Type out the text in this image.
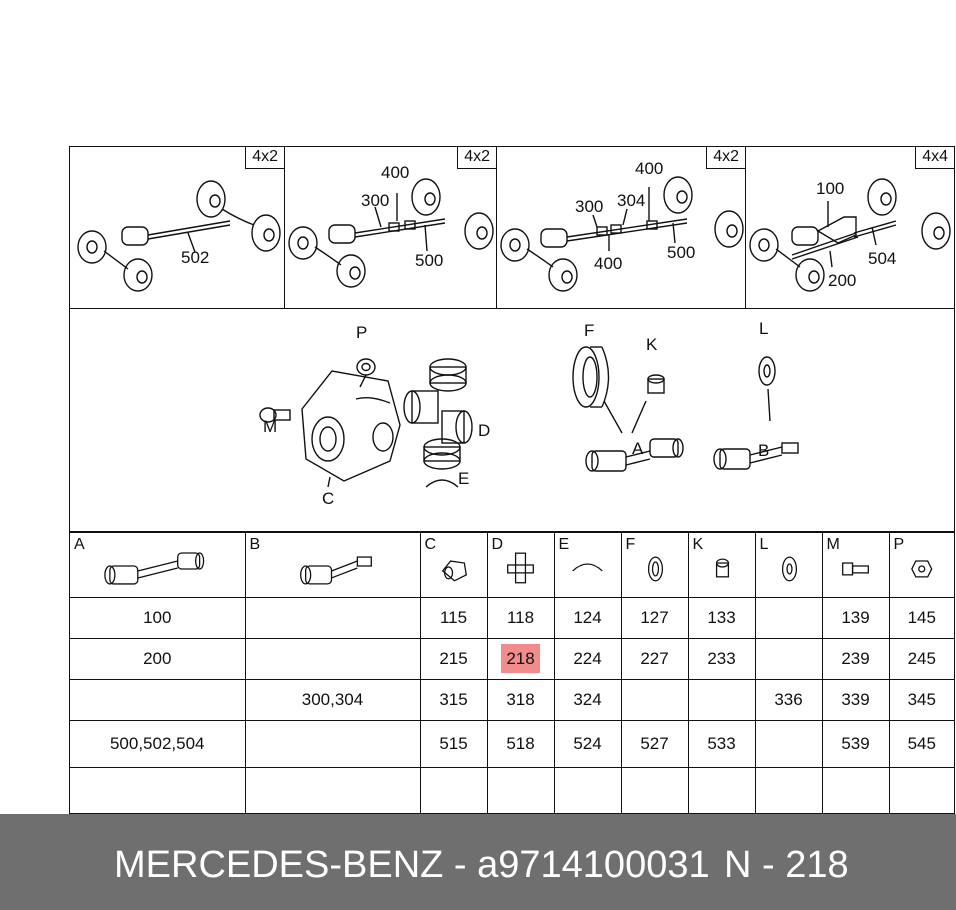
4x2
502
4x2
400
300
500
4x2
400
300 304
400
500
4x4
100
504
200
P
M
C
D
E
F
K
L
A	B
A	B	C	D	E	F	K	L	M	P

100		115	118	124	127	133		139	145
200		215	218	224	227	233		239	245
	300,304	315	318	324			336	339	345
500,502,504		515	518	524	527	533		539	545

MERCEDES-BENZ - a9714100031 N - 218
